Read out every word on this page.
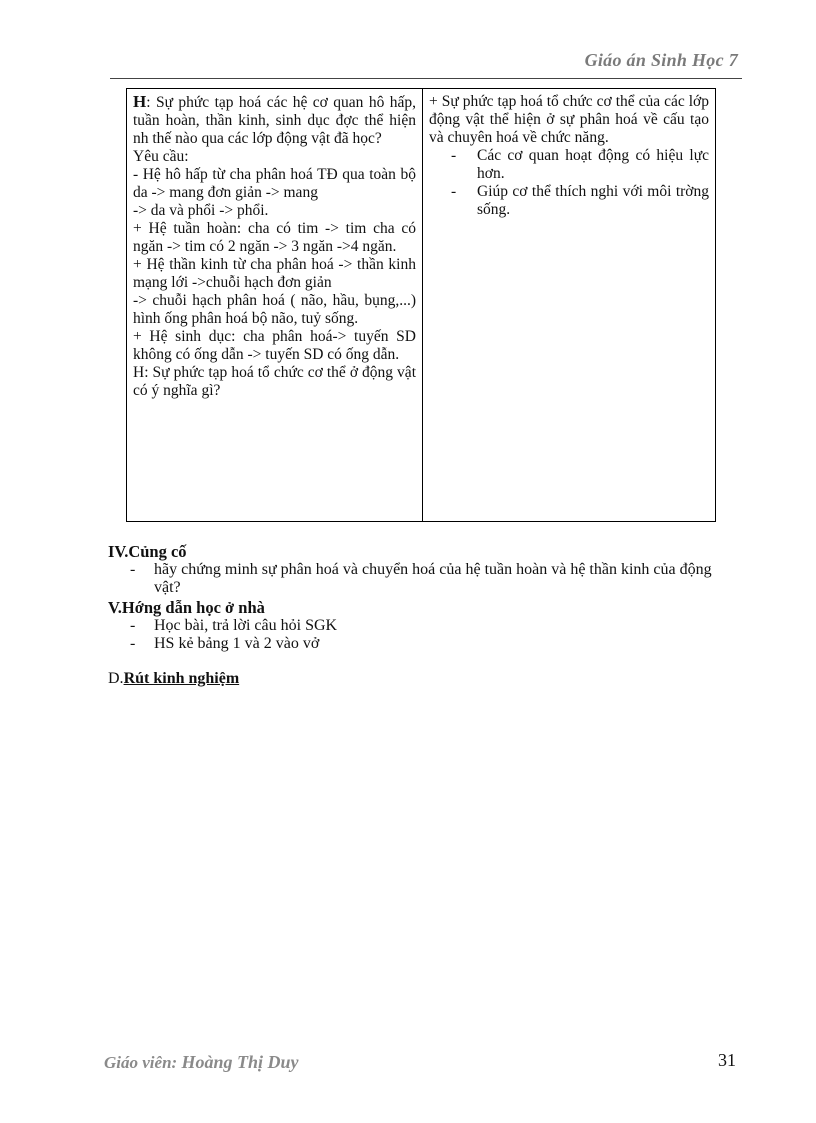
Giáo án Sinh Học 7
H: Sự phức tạp hoá các hệ cơ quan hô hấp, tuần hoàn, thần kinh, sinh dục đợc thể hiện nh thế nào qua các lớp động vật đã học?
Yêu cầu:
- Hệ hô hấp từ cha phân hoá TĐ qua toàn bộ da -> mang đơn giản -> mang
-> da và phổi -> phổi.
+ Hệ tuần hoàn: cha có tim -> tim cha có ngăn -> tim có 2 ngăn -> 3 ngăn ->4 ngăn.
+ Hệ thần kinh từ cha phân hoá -> thần kinh mạng lới ->chuỗi hạch đơn giản
-> chuỗi hạch phân hoá ( não, hầu, bụng,...) hình ống phân hoá bộ não, tuỷ sống.
+ Hệ sinh dục: cha phân hoá-> tuyến SD không có ống dẫn -> tuyến SD có ống dẫn.
H: Sự phức tạp hoá tổ chức cơ thể ở động vật có ý nghĩa gì?

+ Sự phức tạp hoá tổ chức cơ thể của các lớp động vật thể hiện ở sự phân hoá về cấu tạo và chuyên hoá về chức năng.
- Các cơ quan hoạt động có hiệu lực hơn.
- Giúp cơ thể thích nghi với môi trờng sống.
IV.Củng cố
- hãy chứng minh sự phân hoá và chuyển hoá của hệ tuần hoàn và hệ thần kinh của động vật?
V.Hớng dẫn học ở nhà
- Học bài, trả lời câu hỏi SGK
- HS kẻ bảng 1 và 2 vào vở
D.Rút kinh nghiệm
Giáo viên: Hoàng Thị Duy	31
